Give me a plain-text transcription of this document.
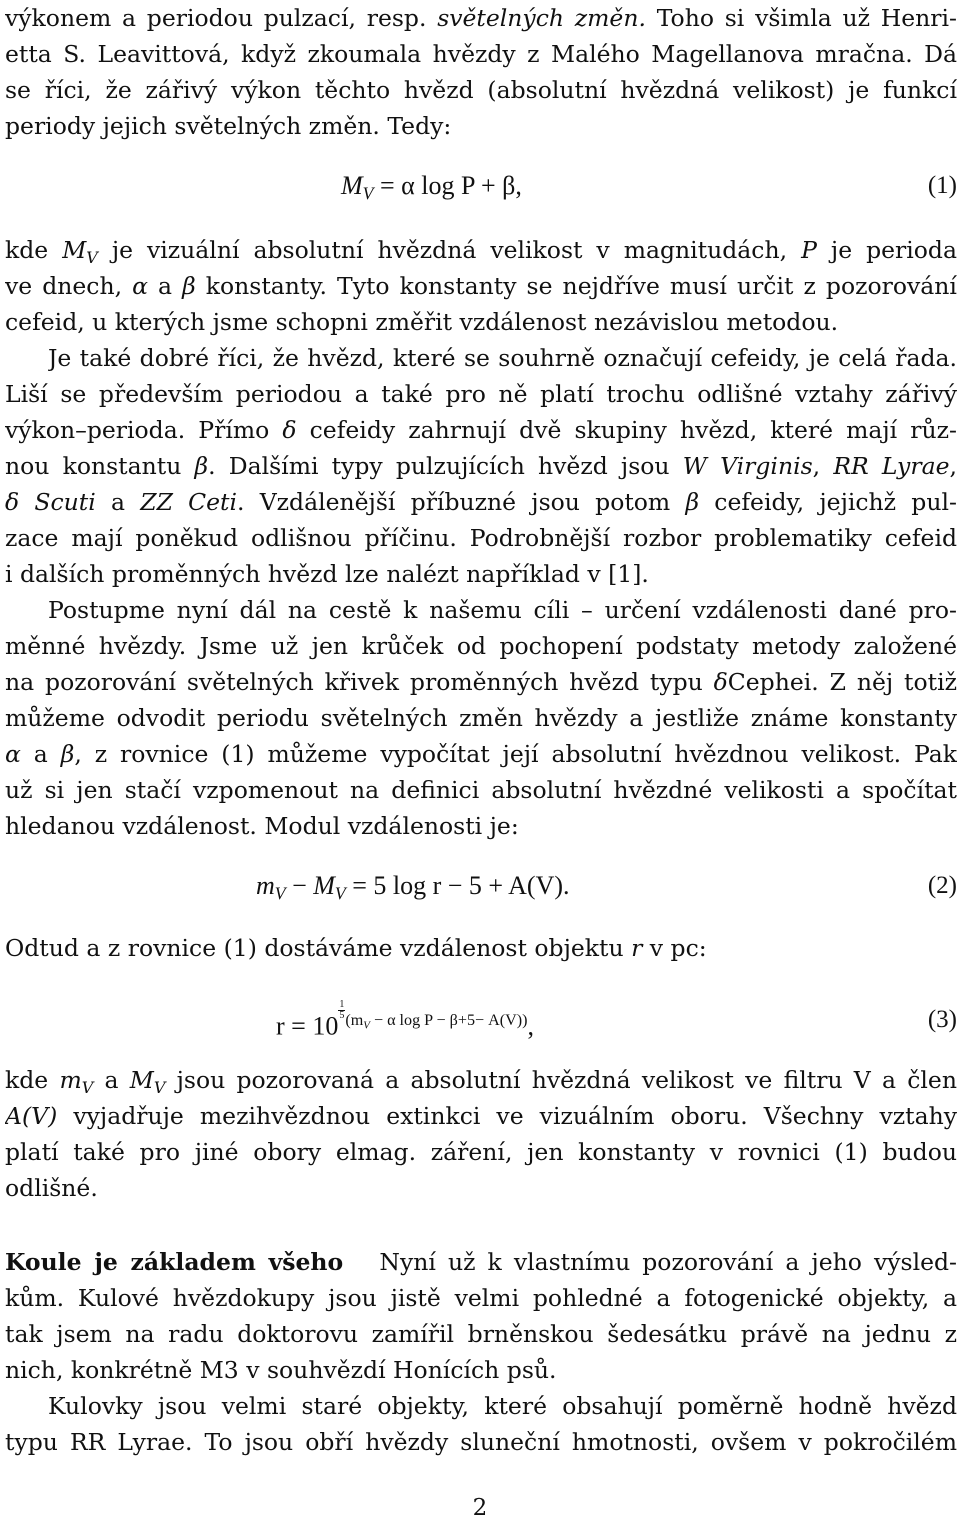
výkonem a periodou pulzací, resp. světelných změn. Toho si všimla už Henri-
etta S. Leavittová, když zkoumala hvězdy z Malého Magellanova mračna. Dá
se říci, že zářivý výkon těchto hvězd (absolutní hvězdná velikost) je funkcí
periody jejich světelných změn. Tedy:
$M_V = \alpha$ log P + β,	(1)
kde $M_V$ je vizuální absolutní hvězdná velikost v magnitudách, P je perioda
ve dnech, α a β konstanty. Tyto konstanty se nejdříve musí určit z pozorování
cefeid, u kterých jsme schopni změřit vzdálenost nezávislou metodou.
Je také dobré říci, že hvězd, které se souhrně označují cefeidy, je celá řada.
Liší se především periodou a také pro ně platí trochu odlišné vztahy zářivý
výkon–perioda. Přímo δ cefeidy zahrnují dvě skupiny hvězd, které mají růz-
nou konstantu β. Dalšími typy pulzujících hvězd jsou W Virginis, RR Lyrae,
δ Scuti a ZZ Ceti. Vzdálenější příbuzné jsou potom β cefeidy, jejichž pul-
zace mají poněkud odlišnou příčinu. Podrobnější rozbor problematiky cefeid
i dalších proměnných hvězd lze nalézt například v [1].
Postupme nyní dál na cestě k našemu cíli – určení vzdálenosti dané pro-
měnné hvězdy. Jsme už jen krůček od pochopení podstaty metody založené
na pozorování světelných křivek proměnných hvězd typu δCephei. Z něj totiž
můžeme odvodit periodu světelných změn hvězdy a jestliže známe konstanty
α a β, z rovnice (1) můžeme vypočítat její absolutní hvězdnou velikost. Pak
už si jen stačí vzpomenout na definici absolutní hvězdné velikosti a spočítat
hledanou vzdálenost. Modul vzdálenosti je:
$m_V - M_V = 5$ log r − 5 + A(V).	(2)
Odtud a z rovnice (1) dostáváme vzdálenost objektu r v pc:
r = 10
$^{\frac{1}{5} (m_V - \alpha log P - \beta+5- A(V))}$,	(3)
kde $m_V$ a $M_V$ jsou pozorovaná a absolutní hvězdná velikost ve filtru V a člen
A(V) vyjadřuje mezihvězdnou extinkci ve vizuálním oboru. Všechny vztahy
platí také pro jiné obory elmag. záření, jen konstanty v rovnici (1) budou
odlišné.
Koule je základem všeho Nyní už k vlastnímu pozorování a jeho výsled-
kům. Kulové hvězdokupy jsou jistě velmi pohledné a fotogenické objekty, a
tak jsem na radu doktorovu zamířil brněnskou šedesátku právě na jednu z
nich, konkrétně M3 v souhvězdí Honících psů.
Kulovky jsou velmi staré objekty, které obsahují poměrně hodně hvězd
typu RR Lyrae. To jsou obří hvězdy sluneční hmotnosti, ovšem v pokročilém
2
